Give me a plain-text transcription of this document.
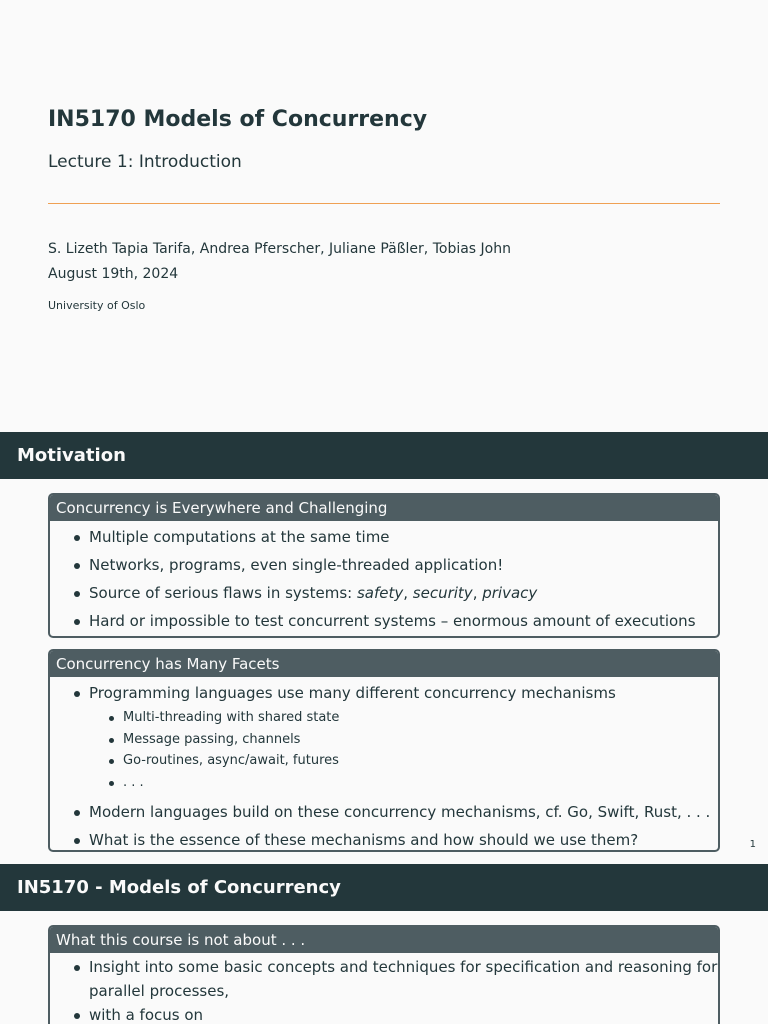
IN5170 Models of Concurrency
Lecture 1: Introduction
S. Lizeth Tapia Tarifa, Andrea Pferscher, Juliane Päßler, Tobias John
August 19th, 2024
University of Oslo
Motivation
Concurrency is Everywhere and Challenging
Multiple computations at the same time
Networks, programs, even single-threaded application!
Source of serious flaws in systems: safety, security, privacy
Hard or impossible to test concurrent systems – enormous amount of executions
Concurrency has Many Facets
Programming languages use many different concurrency mechanisms
Multi-threading with shared state
Message passing, channels
Go-routines, async/await, futures
. . .
Modern languages build on these concurrency mechanisms, cf. Go, Swift, Rust, . . .
What is the essence of these mechanisms and how should we use them?	1
IN5170 - Models of Concurrency
What this course is not about . . .
Insight into some basic concepts and techniques for specification and reasoning for parallel processes,
with a focus on
